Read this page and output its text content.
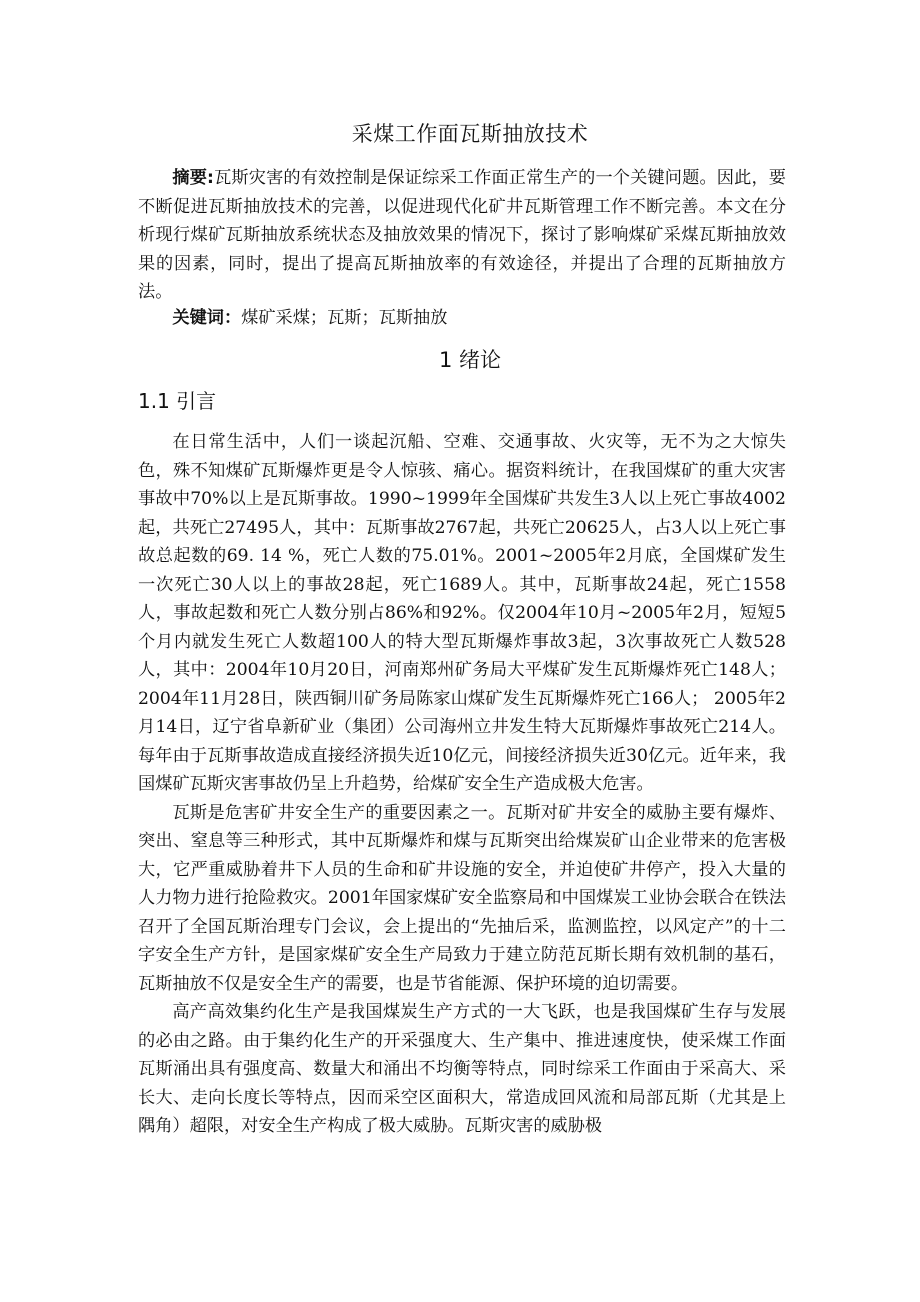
采煤工作面瓦斯抽放技术

摘要:瓦斯灾害的有效控制是保证综采工作面正常生产的一个关键问题。因此，要不断促进瓦斯抽放技术的完善，以促进现代化矿井瓦斯管理工作不断完善。本文在分析现行煤矿瓦斯抽放系统状态及抽放效果的情况下，探讨了影响煤矿采煤瓦斯抽放效果的因素，同时，提出了提高瓦斯抽放率的有效途径，并提出了合理的瓦斯抽放方法。

关键词：煤矿采煤；瓦斯；瓦斯抽放

1 绪论
1.1 引言

在日常生活中，人们一谈起沉船、空难、交通事故、火灾等，无不为之大惊失色，殊不知煤矿瓦斯爆炸更是令人惊骇、痛心。据资料统计，在我国煤矿的重大灾害事故中70%以上是瓦斯事故。1990~1999年全国煤矿共发生3人以上死亡事故4002起，共死亡27495人，其中：瓦斯事故2767起，共死亡20625人，占3人以上死亡事故总起数的69. 14 %，死亡人数的75.01%。2001~2005年2月底，全国煤矿发生一次死亡30人以上的事故28起，死亡1689人。其中，瓦斯事故24起，死亡1558人，事故起数和死亡人数分别占86%和92%。仅2004年10月~2005年2月，短短5个月内就发生死亡人数超100人的特大型瓦斯爆炸事故3起，3次事故死亡人数528人，其中：2004年10月20日，河南郑州矿务局大平煤矿发生瓦斯爆炸死亡148人；2004年11月28日，陕西铜川矿务局陈家山煤矿发生瓦斯爆炸死亡166人； 2005年2月14日，辽宁省阜新矿业（集团）公司海州立井发生特大瓦斯爆炸事故死亡214人。每年由于瓦斯事故造成直接经济损失近10亿元，间接经济损失近30亿元。近年来，我国煤矿瓦斯灾害事故仍呈上升趋势，给煤矿安全生产造成极大危害。

瓦斯是危害矿井安全生产的重要因素之一。瓦斯对矿井安全的威胁主要有爆炸、突出、窒息等三种形式，其中瓦斯爆炸和煤与瓦斯突出给煤炭矿山企业带来的危害极大，它严重威胁着井下人员的生命和矿井设施的安全，并迫使矿井停产，投入大量的人力物力进行抢险救灾。2001年国家煤矿安全监察局和中国煤炭工业协会联合在铁法召开了全国瓦斯治理专门会议，会上提出的“先抽后采，监测监控，以风定产”的十二字安全生产方针，是国家煤矿安全生产局致力于建立防范瓦斯长期有效机制的基石，瓦斯抽放不仅是安全生产的需要，也是节省能源、保护环境的迫切需要。

高产高效集约化生产是我国煤炭生产方式的一大飞跃，也是我国煤矿生存与发展的必由之路。由于集约化生产的开采强度大、生产集中、推进速度快，使采煤工作面瓦斯涌出具有强度高、数量大和涌出不均衡等特点，同时综采工作面由于采高大、采长大、走向长度长等特点，因而采空区面积大，常造成回风流和局部瓦斯（尤其是上隅角）超限，对安全生产构成了极大威胁。瓦斯灾害的威胁极
